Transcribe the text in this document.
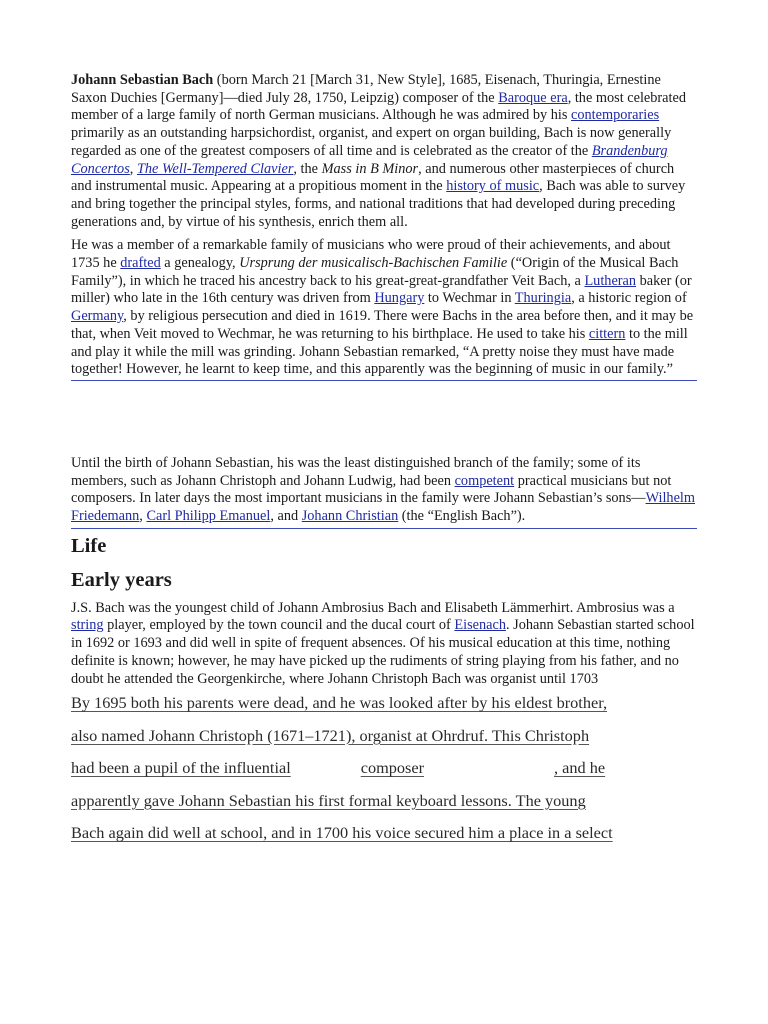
Johann Sebastian Bach (born March 21 [March 31, New Style], 1685, Eisenach, Thuringia, Ernestine Saxon Duchies [Germany]—died July 28, 1750, Leipzig) composer of the Baroque era, the most celebrated member of a large family of north German musicians. Although he was admired by his contemporaries primarily as an outstanding harpsichordist, organist, and expert on organ building, Bach is now generally regarded as one of the greatest composers of all time and is celebrated as the creator of the Brandenburg Concertos, The Well-Tempered Clavier, the Mass in B Minor, and numerous other masterpieces of church and instrumental music. Appearing at a propitious moment in the history of music, Bach was able to survey and bring together the principal styles, forms, and national traditions that had developed during preceding generations and, by virtue of his synthesis, enrich them all.

He was a member of a remarkable family of musicians who were proud of their achievements, and about 1735 he drafted a genealogy, Ursprung der musicalisch-Bachischen Familie (“Origin of the Musical Bach Family”), in which he traced his ancestry back to his great-great-grandfather Veit Bach, a Lutheran baker (or miller) who late in the 16th century was driven from Hungary to Wechmar in Thuringia, a historic region of Germany, by religious persecution and died in 1619. There were Bachs in the area before then, and it may be that, when Veit moved to Wechmar, he was returning to his birthplace. He used to take his cittern to the mill and play it while the mill was grinding. Johann Sebastian remarked, “A pretty noise they must have made together! However, he learnt to keep time, and this apparently was the beginning of music in our family.”

Until the birth of Johann Sebastian, his was the least distinguished branch of the family; some of its members, such as Johann Christoph and Johann Ludwig, had been competent practical musicians but not composers. In later days the most important musicians in the family were Johann Sebastian’s sons—Wilhelm Friedemann, Carl Philipp Emanuel, and Johann Christian (the “English Bach”).

Life
Early years

J.S. Bach was the youngest child of Johann Ambrosius Bach and Elisabeth Lämmerhirt. Ambrosius was a string player, employed by the town council and the ducal court of Eisenach. Johann Sebastian started school in 1692 or 1693 and did well in spite of frequent absences. Of his musical education at this time, nothing definite is known; however, he may have picked up the rudiments of string playing from his father, and no doubt he attended the Georgenkirche, where Johann Christoph Bach was organist until 1703

By 1695 both his parents were dead, and he was looked after by his eldest brother,
also named Johann Christoph (1671–1721), organist at Ohrdruf. This Christoph
had been a pupil of the influential	composer	, and he
apparently gave Johann Sebastian his first formal keyboard lessons. The young
Bach again did well at school, and in 1700 his voice secured him a place in a select
